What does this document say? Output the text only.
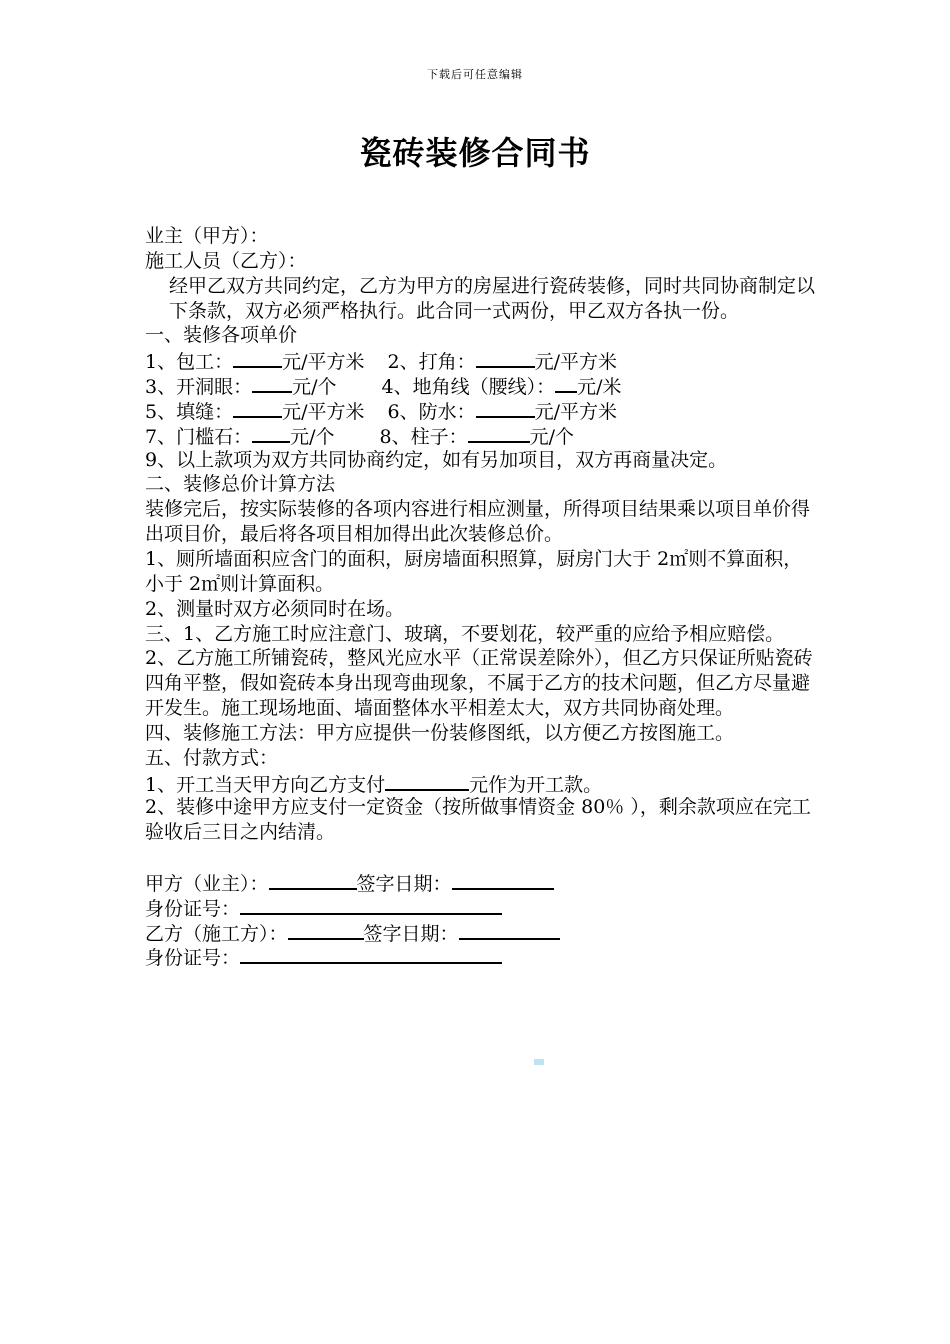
下载后可任意编辑
瓷砖装修合同书
业主（甲方）：
施工人员（乙方）：
经甲乙双方共同约定，乙方为甲方的房屋进行瓷砖装修，同时共同协商制定以下条款，双方必须严格执行。此合同一式两份，甲乙双方各执一份。
一、装修各项单价
1、包工：	元/平方米 2、打角：	元/平方米
3、开洞眼： 元/个 4、地角线（腰线）： 元/米
5、填缝：	元/平方米 6、防水：	元/平方米
7、门槛石： 元/个 8、柱子：	元/个
9、以上款项为双方共同协商约定，如有另加项目，双方再商量决定。
二、装修总价计算方法
装修完后，按实际装修的各项内容进行相应测量，所得项目结果乘以项目单价得出项目价，最后将各项目相加得出此次装修总价。
1、厕所墙面积应含门的面积，厨房墙面积照算，厨房门大于 2㎡则不算面积，小于 2㎡则计算面积。
2、测量时双方必须同时在场。
三、1、乙方施工时应注意门、玻璃，不要划花，较严重的应给予相应赔偿。
2、乙方施工所铺瓷砖，整风光应水平（正常误差除外），但乙方只保证所贴瓷砖四角平整，假如瓷砖本身出现弯曲现象，不属于乙方的技术问题，但乙方尽量避开发生。施工现场地面、墙面整体水平相差太大，双方共同协商处理。
四、装修施工方法：甲方应提供一份装修图纸，以方便乙方按图施工。
五、付款方式：
1、开工当天甲方向乙方支付	元作为开工款。
2、装修中途甲方应支付一定资金（按所做事情资金 80％ ），剩余款项应在完工验收后三日之内结清。
甲方（业主）：	签字日期：
身份证号：
乙方（施工方）：	签字日期：
身份证号：
